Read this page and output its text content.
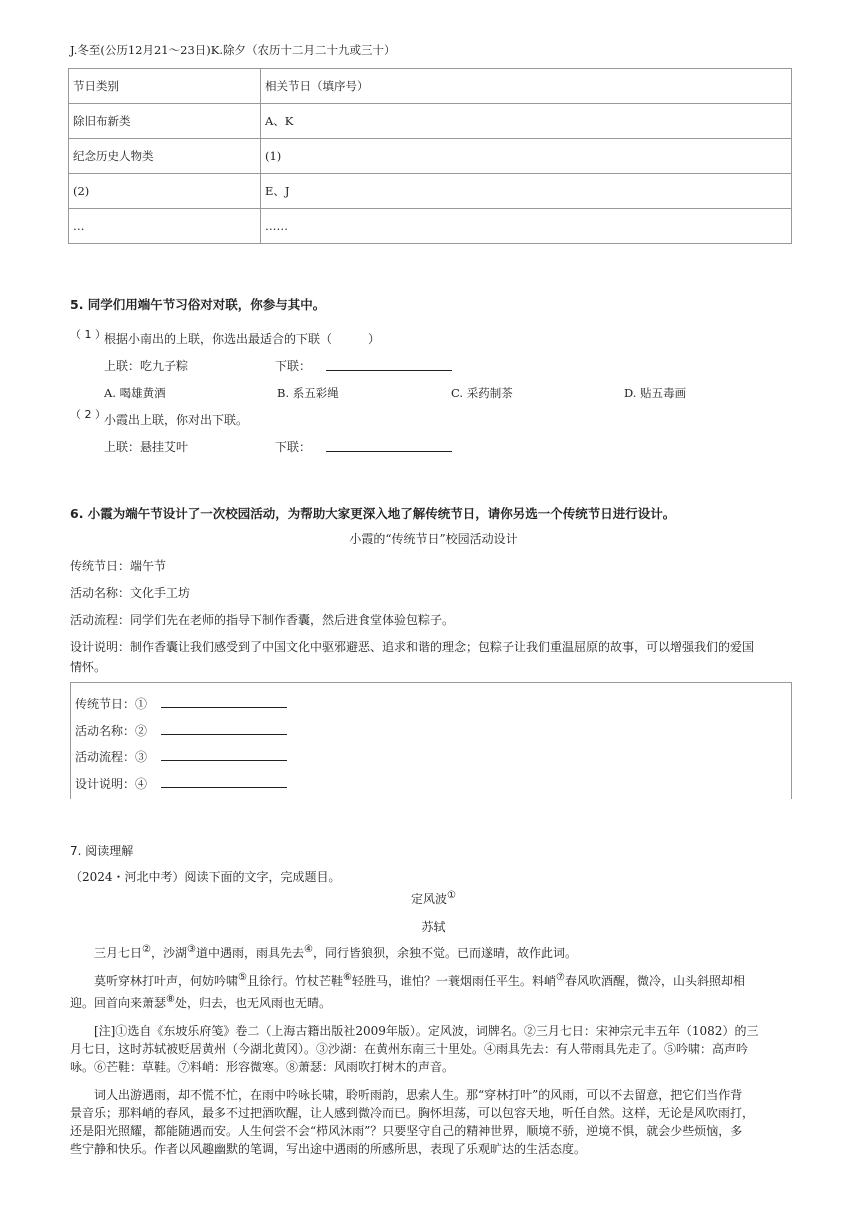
J.冬至(公历12月21～23日)K.除夕（农历十二月二十九或三十）
节日类别	相关节日（填序号）
除旧布新类	A、K
纪念历史人物类	(1)
(2)	E、J
…	……
5. 同学们用端午节习俗对对联，你参与其中。
（ 1 ）
根据小南出的上联，你选出最适合的下联（　　　）
上联：吃九子粽	下联：
A. 喝雄黄酒	B. 系五彩绳	C. 采药制茶	D. 贴五毒画
（ 2 ）
小霞出上联，你对出下联。
上联：悬挂艾叶	下联：
6. 小霞为端午节设计了一次校园活动，为帮助大家更深入地了解传统节日，请你另选一个传统节日进行设计。
小霞的“传统节日”校园活动设计
传统节日：端午节
活动名称：文化手工坊
活动流程：同学们先在老师的指导下制作香囊，然后进食堂体验包粽子。
设计说明：制作香囊让我们感受到了中国文化中驱邪避恶、追求和谐的理念；包粽子让我们重温屈原的故事，可以增强我们的爱国
情怀。
传统节日：①
活动名称：②
活动流程：③
设计说明：④
7. 阅读理解
（2024・河北中考）阅读下面的文字，完成题目。
定风波①
苏轼
三月七日②，沙湖③道中遇雨，雨具先去④，同行皆狼狈，余独不觉。已而遂晴，故作此词。
莫听穿林打叶声，何妨吟啸⑤且徐行。竹杖芒鞋⑥轻胜马，谁怕？一蓑烟雨任平生。料峭⑦春风吹酒醒，微冷，山头斜照却相
迎。回首向来萧瑟⑧处，归去，也无风雨也无晴。
[注]①选自《东坡乐府笺》卷二（上海古籍出版社2009年版）。定风波，词牌名。②三月七日：宋神宗元丰五年（1082）的三
月七日，这时苏轼被贬居黄州（今湖北黄冈）。③沙湖：在黄州东南三十里处。④雨具先去：有人带雨具先走了。⑤吟啸：高声吟
咏。⑥芒鞋：草鞋。⑦料峭：形容微寒。⑧萧瑟：风雨吹打树木的声音。
词人出游遇雨，却不慌不忙，在雨中吟咏长啸，聆听雨韵，思索人生。那“穿林打叶”的风雨，可以不去留意，把它们当作背
景音乐；那料峭的春风，最多不过把酒吹醒，让人感到微冷而已。胸怀坦荡，可以包容天地，听任自然。这样，无论是风吹雨打，
还是阳光照耀，都能随遇而安。人生何尝不会“栉风沐雨”？只要坚守自己的精神世界，顺境不骄，逆境不惧，就会少些烦恼，多
些宁静和快乐。作者以风趣幽默的笔调，写出途中遇雨的所感所思，表现了乐观旷达的生活态度。
